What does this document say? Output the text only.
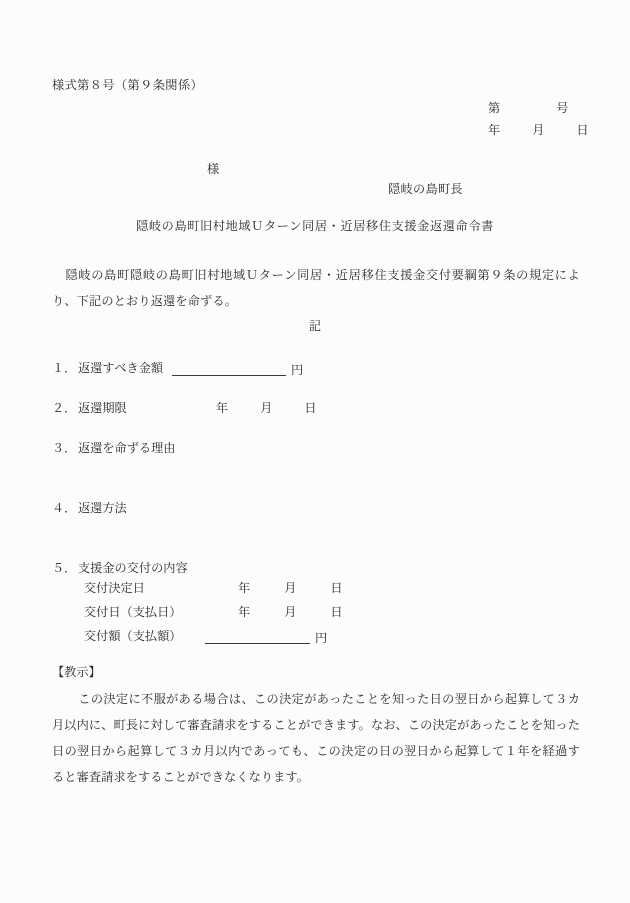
様式第８号（第９条関係）
第	号
年	月	日
様
隠岐の島町長
隠岐の島町旧村地域Ｕターン同居・近居移住支援金返還命令書
隠岐の島町隠岐の島町旧村地域Ｕターン同居・近居移住支援金交付要綱第９条の規定により、下記のとおり返還を命ずる。
記
１． 返還すべき金額	円
２． 返還期限	年	月	日
３． 返還を命ずる理由
４． 返還方法
５． 支援金の交付の内容
交付決定日	年	月	日
交付日（支払日）	年	月	日
交付額（支払額）	円
【教示】
この決定に不服がある場合は、この決定があったことを知った日の翌日から起算して３カ月以内に、町長に対して審査請求をすることができます。なお、この決定があったことを知った日の翌日から起算して３カ月以内であっても、この決定の日の翌日から起算して１年を経過すると審査請求をすることができなくなります。
